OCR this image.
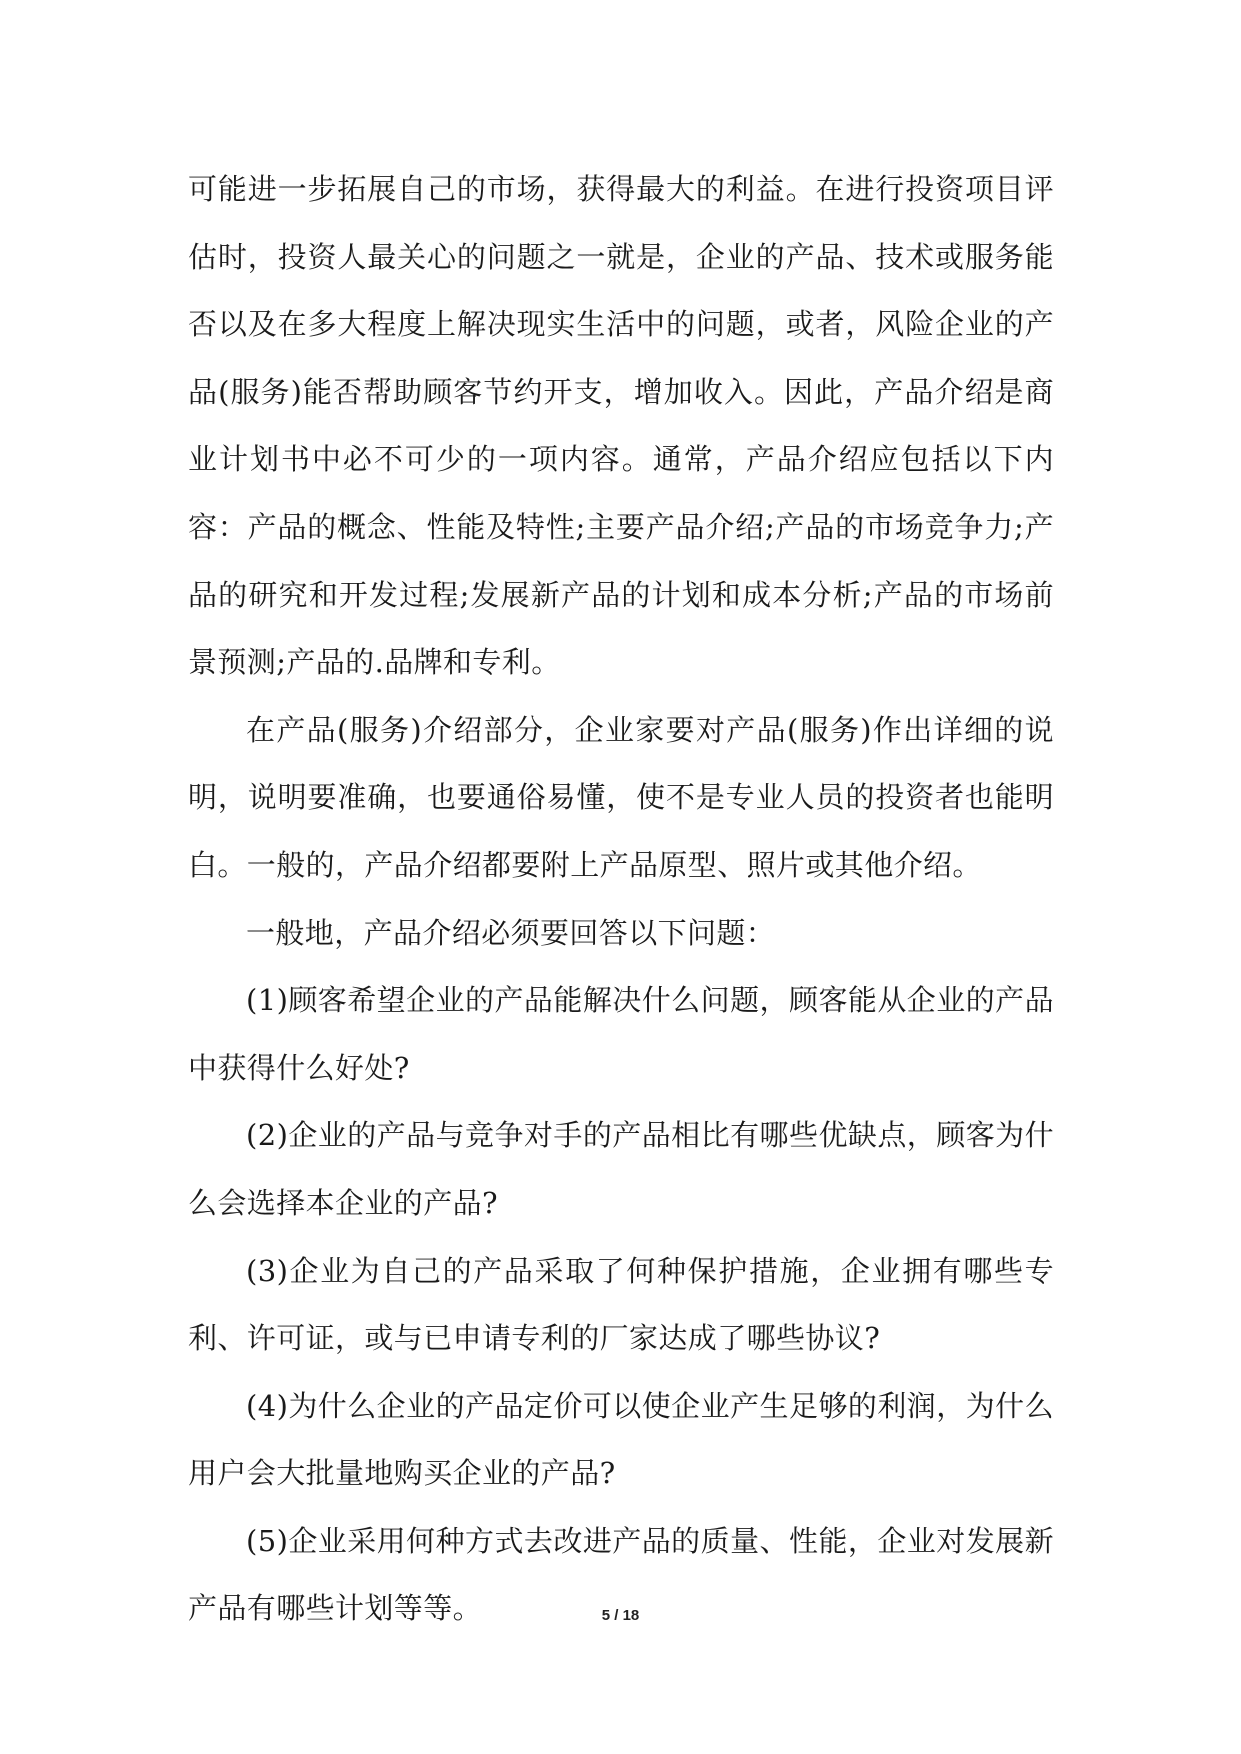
可能进一步拓展自己的市场，获得最大的利益。在进行投资项目评估时，投资人最关心的问题之一就是，企业的产品、技术或服务能否以及在多大程度上解决现实生活中的问题，或者，风险企业的产品(服务)能否帮助顾客节约开支，增加收入。因此，产品介绍是商业计划书中必不可少的一项内容。通常，产品介绍应包括以下内容：产品的概念、性能及特性;主要产品介绍;产品的市场竞争力;产品的研究和开发过程;发展新产品的计划和成本分析;产品的市场前景预测;产品的.品牌和专利。

在产品(服务)介绍部分，企业家要对产品(服务)作出详细的说明，说明要准确，也要通俗易懂，使不是专业人员的投资者也能明白。一般的，产品介绍都要附上产品原型、照片或其他介绍。

一般地，产品介绍必须要回答以下问题：

(1)顾客希望企业的产品能解决什么问题，顾客能从企业的产品中获得什么好处?

(2)企业的产品与竞争对手的产品相比有哪些优缺点，顾客为什么会选择本企业的产品?

(3)企业为自己的产品采取了何种保护措施，企业拥有哪些专利、许可证，或与已申请专利的厂家达成了哪些协议?

(4)为什么企业的产品定价可以使企业产生足够的利润，为什么用户会大批量地购买企业的产品?

(5)企业采用何种方式去改进产品的质量、性能，企业对发展新产品有哪些计划等等。	5 / 18
